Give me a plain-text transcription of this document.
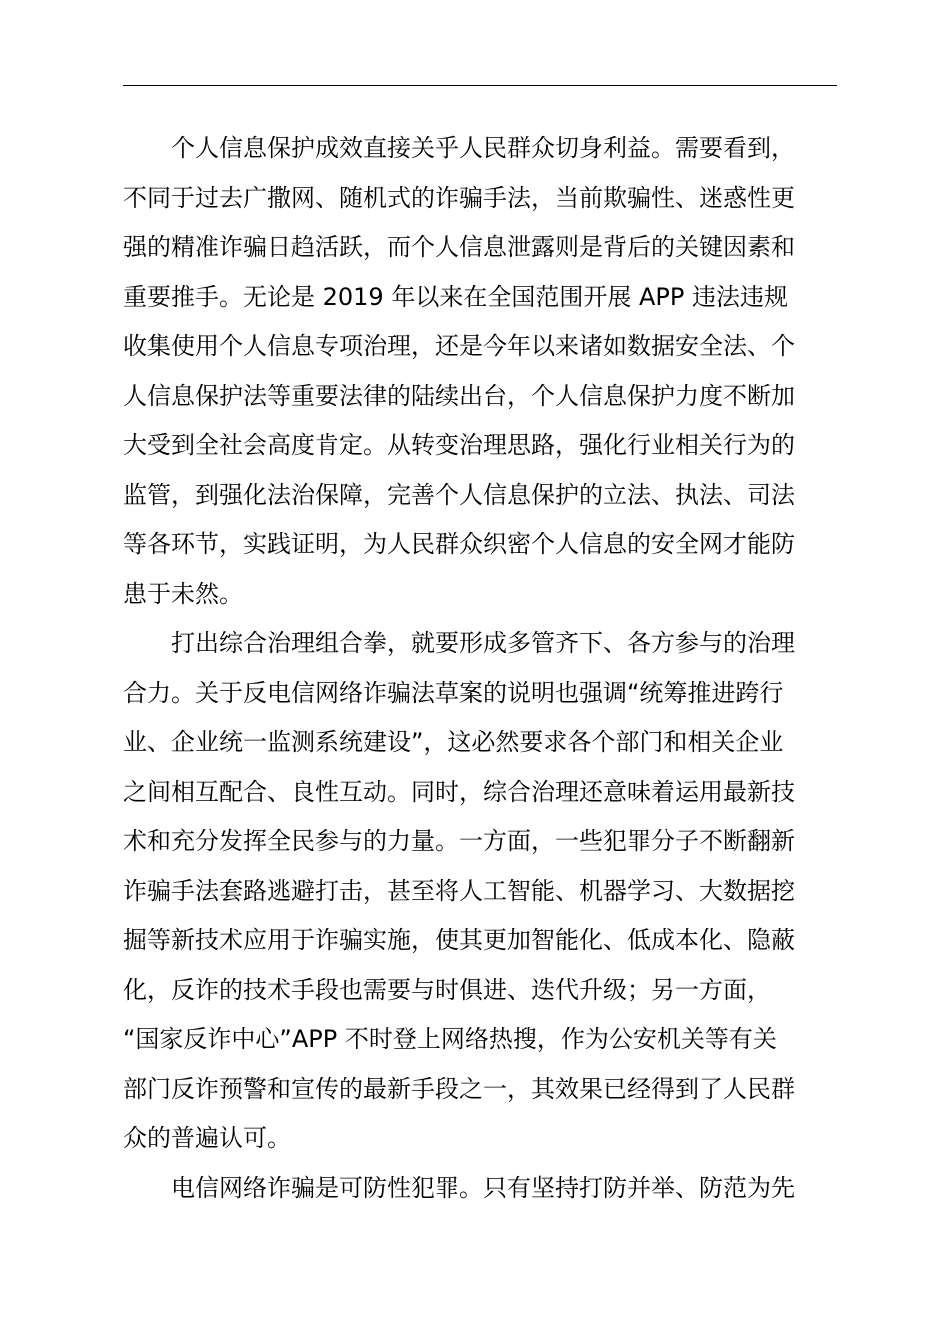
个人信息保护成效直接关乎人民群众切身利益。需要看到，
不同于过去广撒网、随机式的诈骗手法，当前欺骗性、迷惑性更
强的精准诈骗日趋活跃，而个人信息泄露则是背后的关键因素和
重要推手。无论是 2019 年以来在全国范围开展 APP 违法违规
收集使用个人信息专项治理，还是今年以来诸如数据安全法、个
人信息保护法等重要法律的陆续出台，个人信息保护力度不断加
大受到全社会高度肯定。从转变治理思路，强化行业相关行为的
监管，到强化法治保障，完善个人信息保护的立法、执法、司法
等各环节，实践证明，为人民群众织密个人信息的安全网才能防
患于未然。
打出综合治理组合拳，就要形成多管齐下、各方参与的治理
合力。关于反电信网络诈骗法草案的说明也强调“统筹推进跨行
业、企业统一监测系统建设”，这必然要求各个部门和相关企业
之间相互配合、良性互动。同时，综合治理还意味着运用最新技
术和充分发挥全民参与的力量。一方面，一些犯罪分子不断翻新
诈骗手法套路逃避打击，甚至将人工智能、机器学习、大数据挖
掘等新技术应用于诈骗实施，使其更加智能化、低成本化、隐蔽
化，反诈的技术手段也需要与时俱进、迭代升级；另一方面，
“国家反诈中心”APP 不时登上网络热搜，作为公安机关等有关
部门反诈预警和宣传的最新手段之一，其效果已经得到了人民群
众的普遍认可。
电信网络诈骗是可防性犯罪。只有坚持打防并举、防范为先
